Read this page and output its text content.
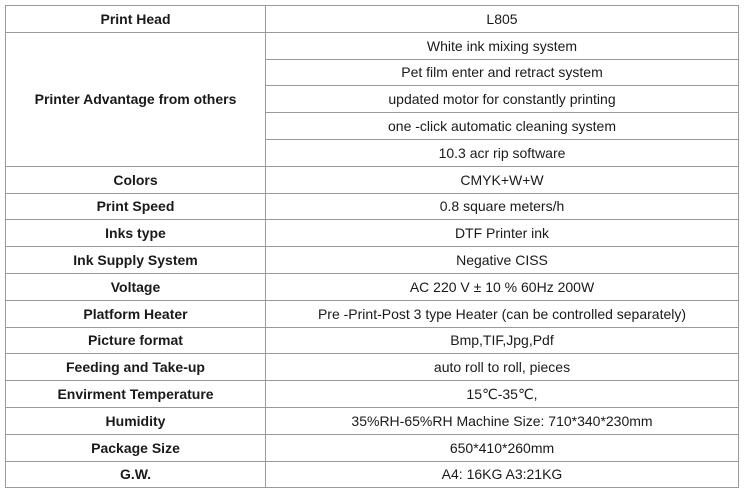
Print Head	L805
Printer Advantage from others	White ink mixing system
	Pet film enter and retract system
	updated motor for constantly printing
	one -click automatic cleaning system
	10.3 acr rip software
Colors	CMYK+W+W
Print Speed	0.8 square meters/h
Inks type	DTF Printer ink
Ink Supply System	Negative CISS
Voltage	AC 220 V ± 10 % 60Hz 200W
Platform Heater	Pre -Print-Post 3 type Heater (can be controlled separately)
Picture format	Bmp,TIF,Jpg,Pdf
Feeding and Take-up	auto roll to roll, pieces
Envirment Temperature	15℃-35℃,
Humidity	35%RH-65%RH Machine Size: 710*340*230mm
Package Size	650*410*260mm
G.W.	A4: 16KG A3:21KG
